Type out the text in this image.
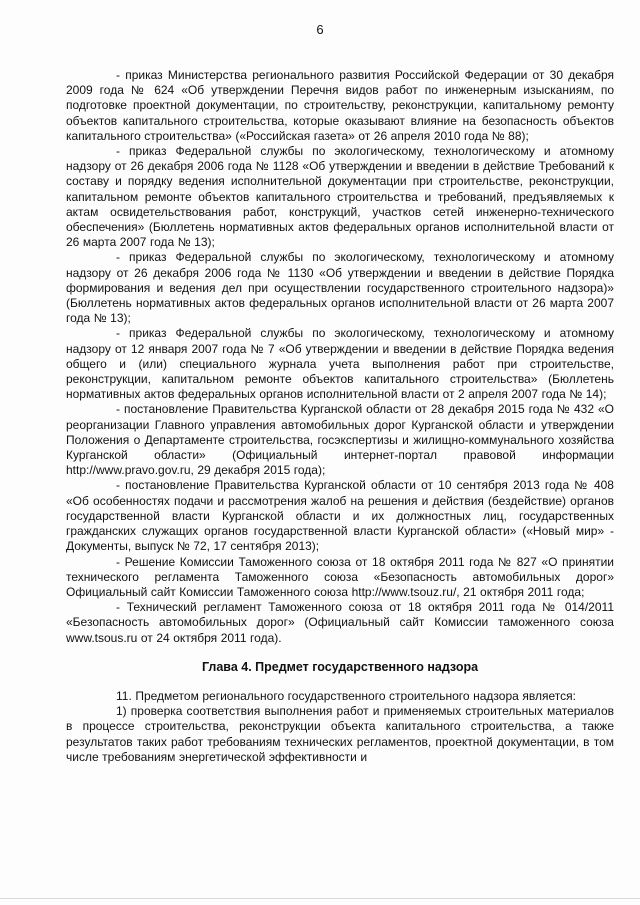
6

- приказ Министерства регионального развития Российской Федерации от 30 декабря 2009 года № 624 «Об утверждении Перечня видов работ по инженерным изысканиям, по подготовке проектной документации, по строительству, реконструкции, капитальному ремонту объектов капитального строительства, которые оказывают влияние на безопасность объектов капитального строительства» («Российская газета» от 26 апреля 2010 года № 88);

- приказ Федеральной службы по экологическому, технологическому и атомному надзору от 26 декабря 2006 года № 1128 «Об утверждении и введении в действие Требований к составу и порядку ведения исполнительной документации при строительстве, реконструкции, капитальном ремонте объектов капитального строительства и требований, предъявляемых к актам освидетельствования работ, конструкций, участков сетей инженерно-технического обеспечения» (Бюллетень нормативных актов федеральных органов исполнительной власти от 26 марта 2007 года № 13);

- приказ Федеральной службы по экологическому, технологическому и атомному надзору от 26 декабря 2006 года № 1130 «Об утверждении и введении в действие Порядка формирования и ведения дел при осуществлении государственного строительного надзора)» (Бюллетень нормативных актов федеральных органов исполнительной власти от 26 марта 2007 года № 13);

- приказ Федеральной службы по экологическому, технологическому и атомному надзору от 12 января 2007 года № 7 «Об утверждении и введении в действие Порядка ведения общего и (или) специального журнала учета выполнения работ при строительстве, реконструкции, капитальном ремонте объектов капитального строительства» (Бюллетень нормативных актов федеральных органов исполнительной власти от 2 апреля 2007 года № 14);

- постановление Правительства Курганской области от 28 декабря 2015 года № 432 «О реорганизации Главного управления автомобильных дорог Курганской области и утверждении Положения о Департаменте строительства, госэкспертизы и жилищно-коммунального хозяйства Курганской области» (Официальный интернет-портал правовой информации http://www.pravo.gov.ru, 29 декабря 2015 года);

- постановление Правительства Курганской области от 10 сентября 2013 года № 408 «Об особенностях подачи и рассмотрения жалоб на решения и действия (бездействие) органов государственной власти Курганской области и их должностных лиц, государственных гражданских служащих органов государственной власти Курганской области» («Новый мир» - Документы, выпуск № 72, 17 сентября 2013);

- Решение Комиссии Таможенного союза от 18 октября 2011 года № 827 «О принятии технического регламента Таможенного союза «Безопасность автомобильных дорог» Официальный сайт Комиссии Таможенного союза http://www.tsouz.ru/, 21 октября 2011 года;

- Технический регламент Таможенного союза от 18 октября 2011 года № 014/2011 «Безопасность автомобильных дорог» (Официальный сайт Комиссии таможенного союза www.tsous.ru от 24 октября 2011 года).

Глава 4. Предмет государственного надзора

11. Предметом регионального государственного строительного надзора является:

1) проверка соответствия выполнения работ и применяемых строительных материалов в процессе строительства, реконструкции объекта капитального строительства, а также результатов таких работ требованиям технических регламентов, проектной документации, в том числе требованиям энергетической эффективности и
